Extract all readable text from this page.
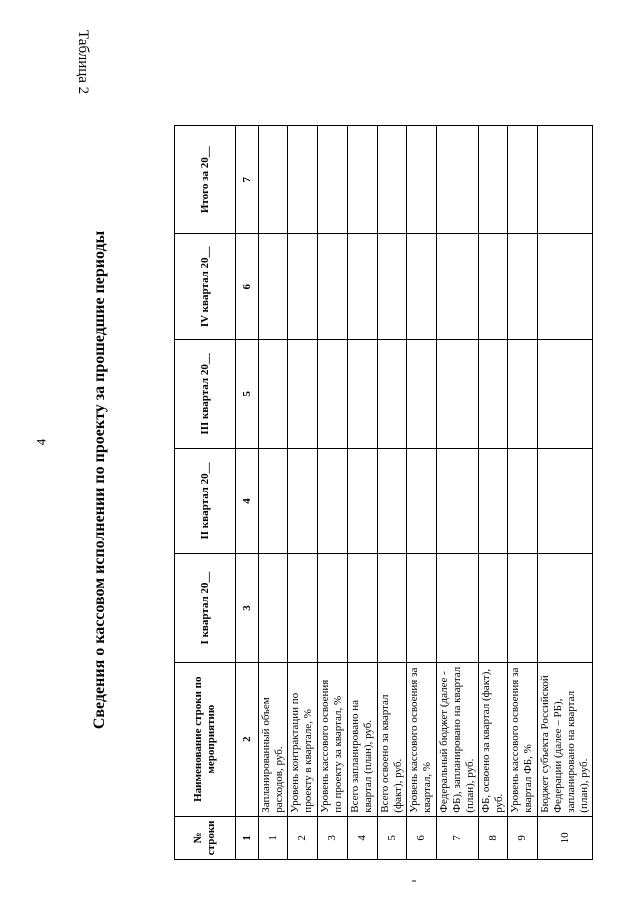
4
Таблица 2
Сведения о кассовом исполнении по проекту за прошедшие периоды
№ строки	Наименование строки по мероприятию	I квартал 20__	II квартал 20__	III квартал 20__	IV квартал 20__	Итого за 20__
1	2	3	4	5	6	7
1	Запланированный объем расходов, руб.					
2	Уровень контрактации по проекту в квартале, %					
3	Уровень кассового освоения по проекту за квартал, %					
4	Всего запланировано на квартал (план), руб.					
5	Всего освоено за квартал (факт), руб.					
6	Уровень кассового освоения за квартал, %					
7	Федеральный бюджет (далее - ФБ), запланировано на квартал (план), руб.					
8	ФБ, освоено за квартал (факт), руб.					
9	Уровень кассового освоения за квартал ФБ, %					
10	Бюджет субъекта Российской Федерации (далее – РБ), запланировано на квартал (план), руб.					
